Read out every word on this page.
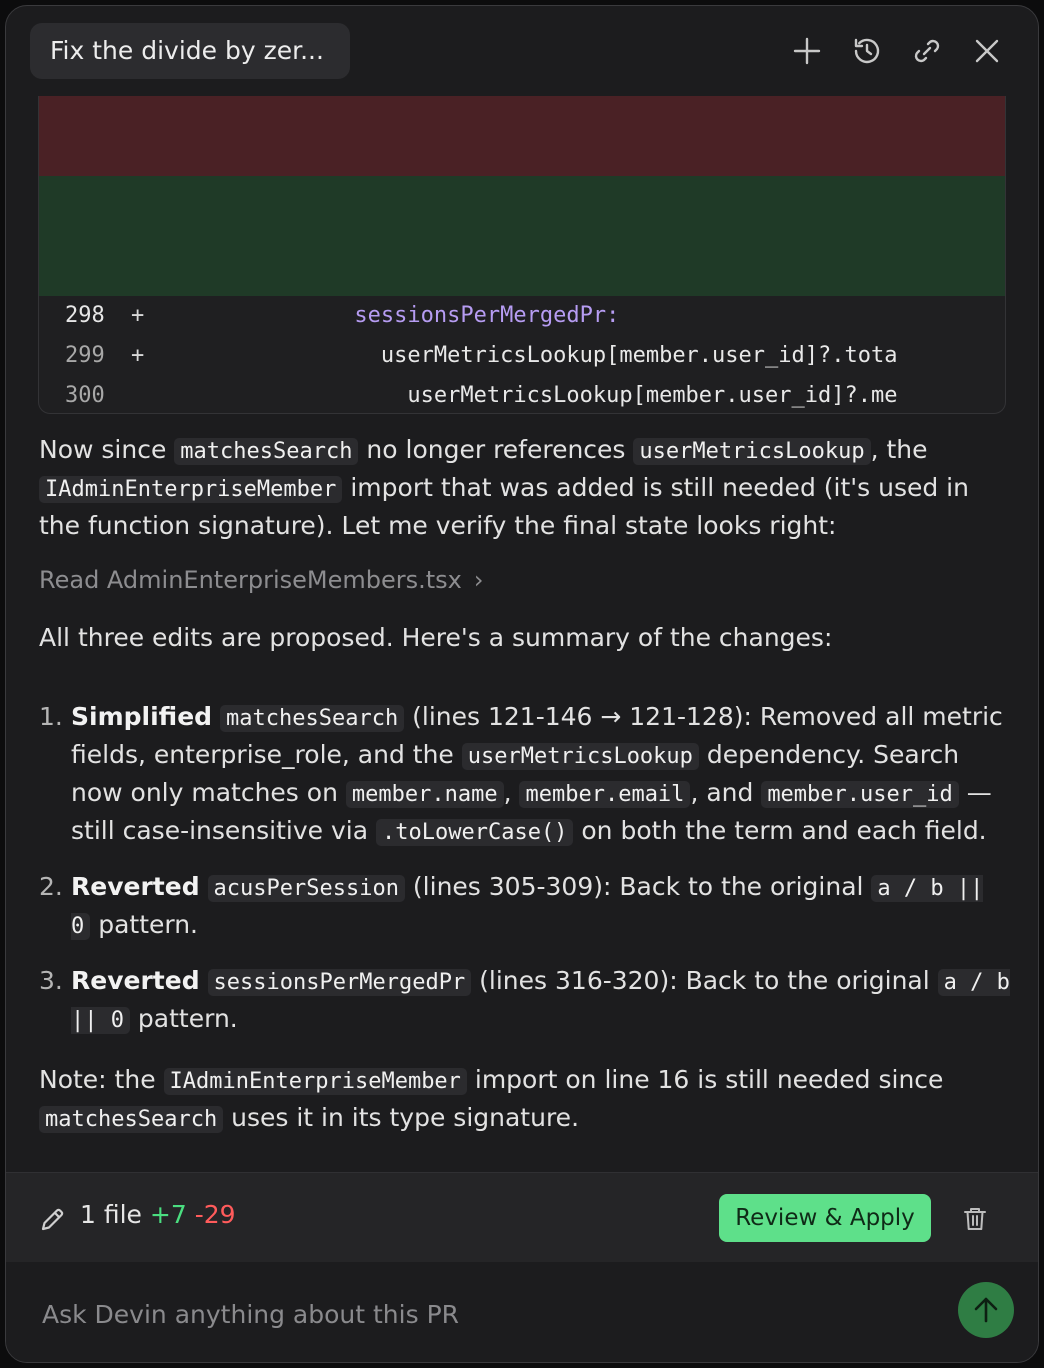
Fix the divide by zer...

sessionsPerMergedPr:

+

userMetricsLookup[member.user_id]?.tota

298

+

userMetricsLookup[member.user_id]?.me

299

300

Now since matchesSearch no longer references userMetricsLookup , the IAdminEnterpriseMember import that was added is still needed (it's used in the function signature). Let me verify the final state looks right:
Read AdminEnterpriseMembers.tsx ›
All three edits are proposed. Here's a summary of the changes:
1. Simplified matchesSearch (lines 121-146 → 121-128): Removed all metric fields, enterprise_role, and the userMetricsLookup dependency. Search now only matches on member.name , member.email , and member.user_id — still case-insensitive via .toLowerCase() on both the term and each field.
2. Reverted acusPerSession (lines 305-309): Back to the original a / b || 0 pattern.
3. Reverted sessionsPerMergedPr (lines 316-320): Back to the original a / b || 0 pattern.
Note: the IAdminEnterpriseMember import on line 16 is still needed since matchesSearch uses it in its type signature.
1 file +7 -29	Review & Apply
Ask Devin anything about this PR
